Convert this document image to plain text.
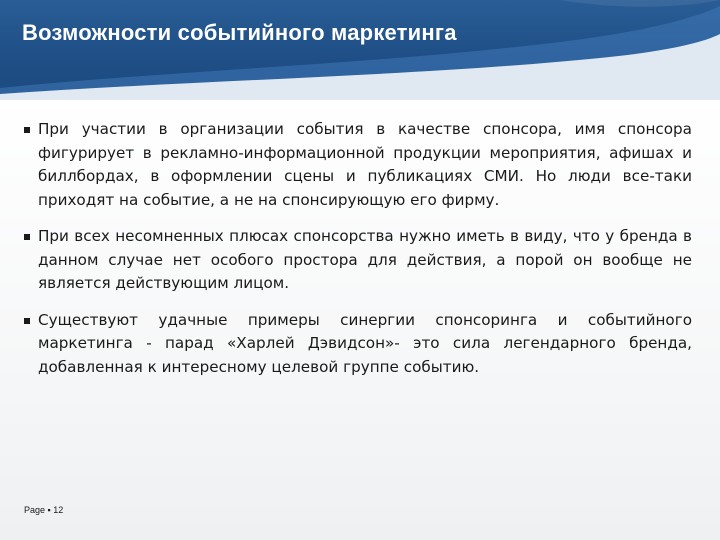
Возможности событийного маркетинга
При участии в организации события в качестве спонсора, имя спонсора фигурирует в рекламно-информационной продукции мероприятия, афишах и биллбордах, в оформлении сцены и публикациях СМИ. Но люди все-таки приходят на событие, а не на спонсирующую его фирму.
При всех несомненных плюсах спонсорства нужно иметь в виду, что у бренда в данном случае нет особого простора для действия, а порой он вообще не является действующим лицом.
Существуют удачные примеры синергии спонсоринга и событийного маркетинга - парад «Харлей Дэвидсон»- это сила легендарного бренда, добавленная к интересному целевой группе событию.
Page ▪ 12
